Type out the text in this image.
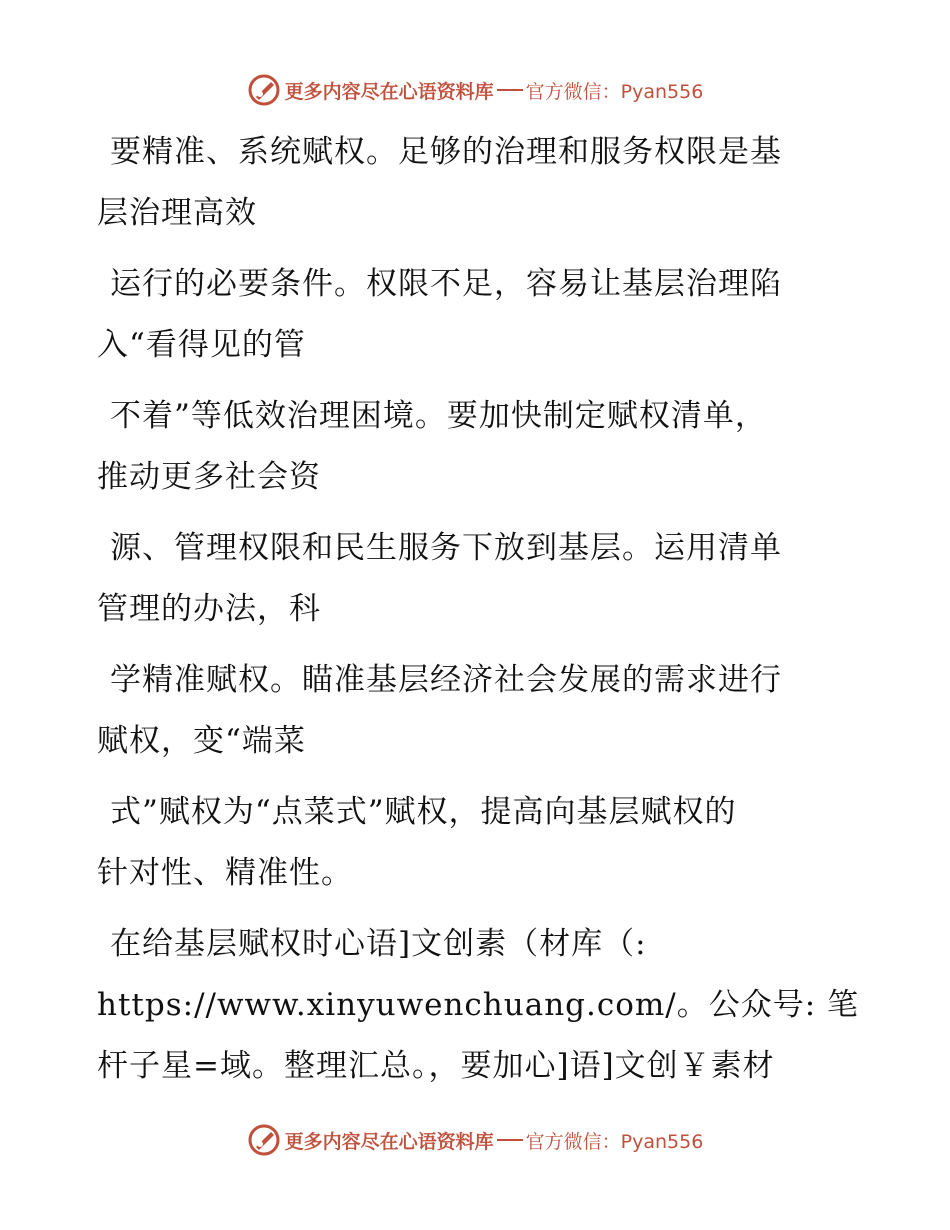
更多内容尽在心语资料库 官方微信：Pyan556

要精准、系统赋权。足够的治理和服务权限是基
层治理高效

运行的必要条件。权限不足，容易让基层治理陷
入“看得见的管

不着”等低效治理困境。要加快制定赋权清单，
推动更多社会资

源、管理权限和民生服务下放到基层。运用清单
管理的办法，科

学精准赋权。瞄准基层经济社会发展的需求进行
赋权，变“端菜

式”赋权为“点菜式”赋权，提高向基层赋权的
针对性、精准性。

在给基层赋权时心语]文创素（材库（:
https://www.xinyuwenchuang.com/。公众号: 笔
杆子星=域。整理汇总。，要加心]语]文创￥素材

更多内容尽在心语资料库 官方微信：Pyan556
